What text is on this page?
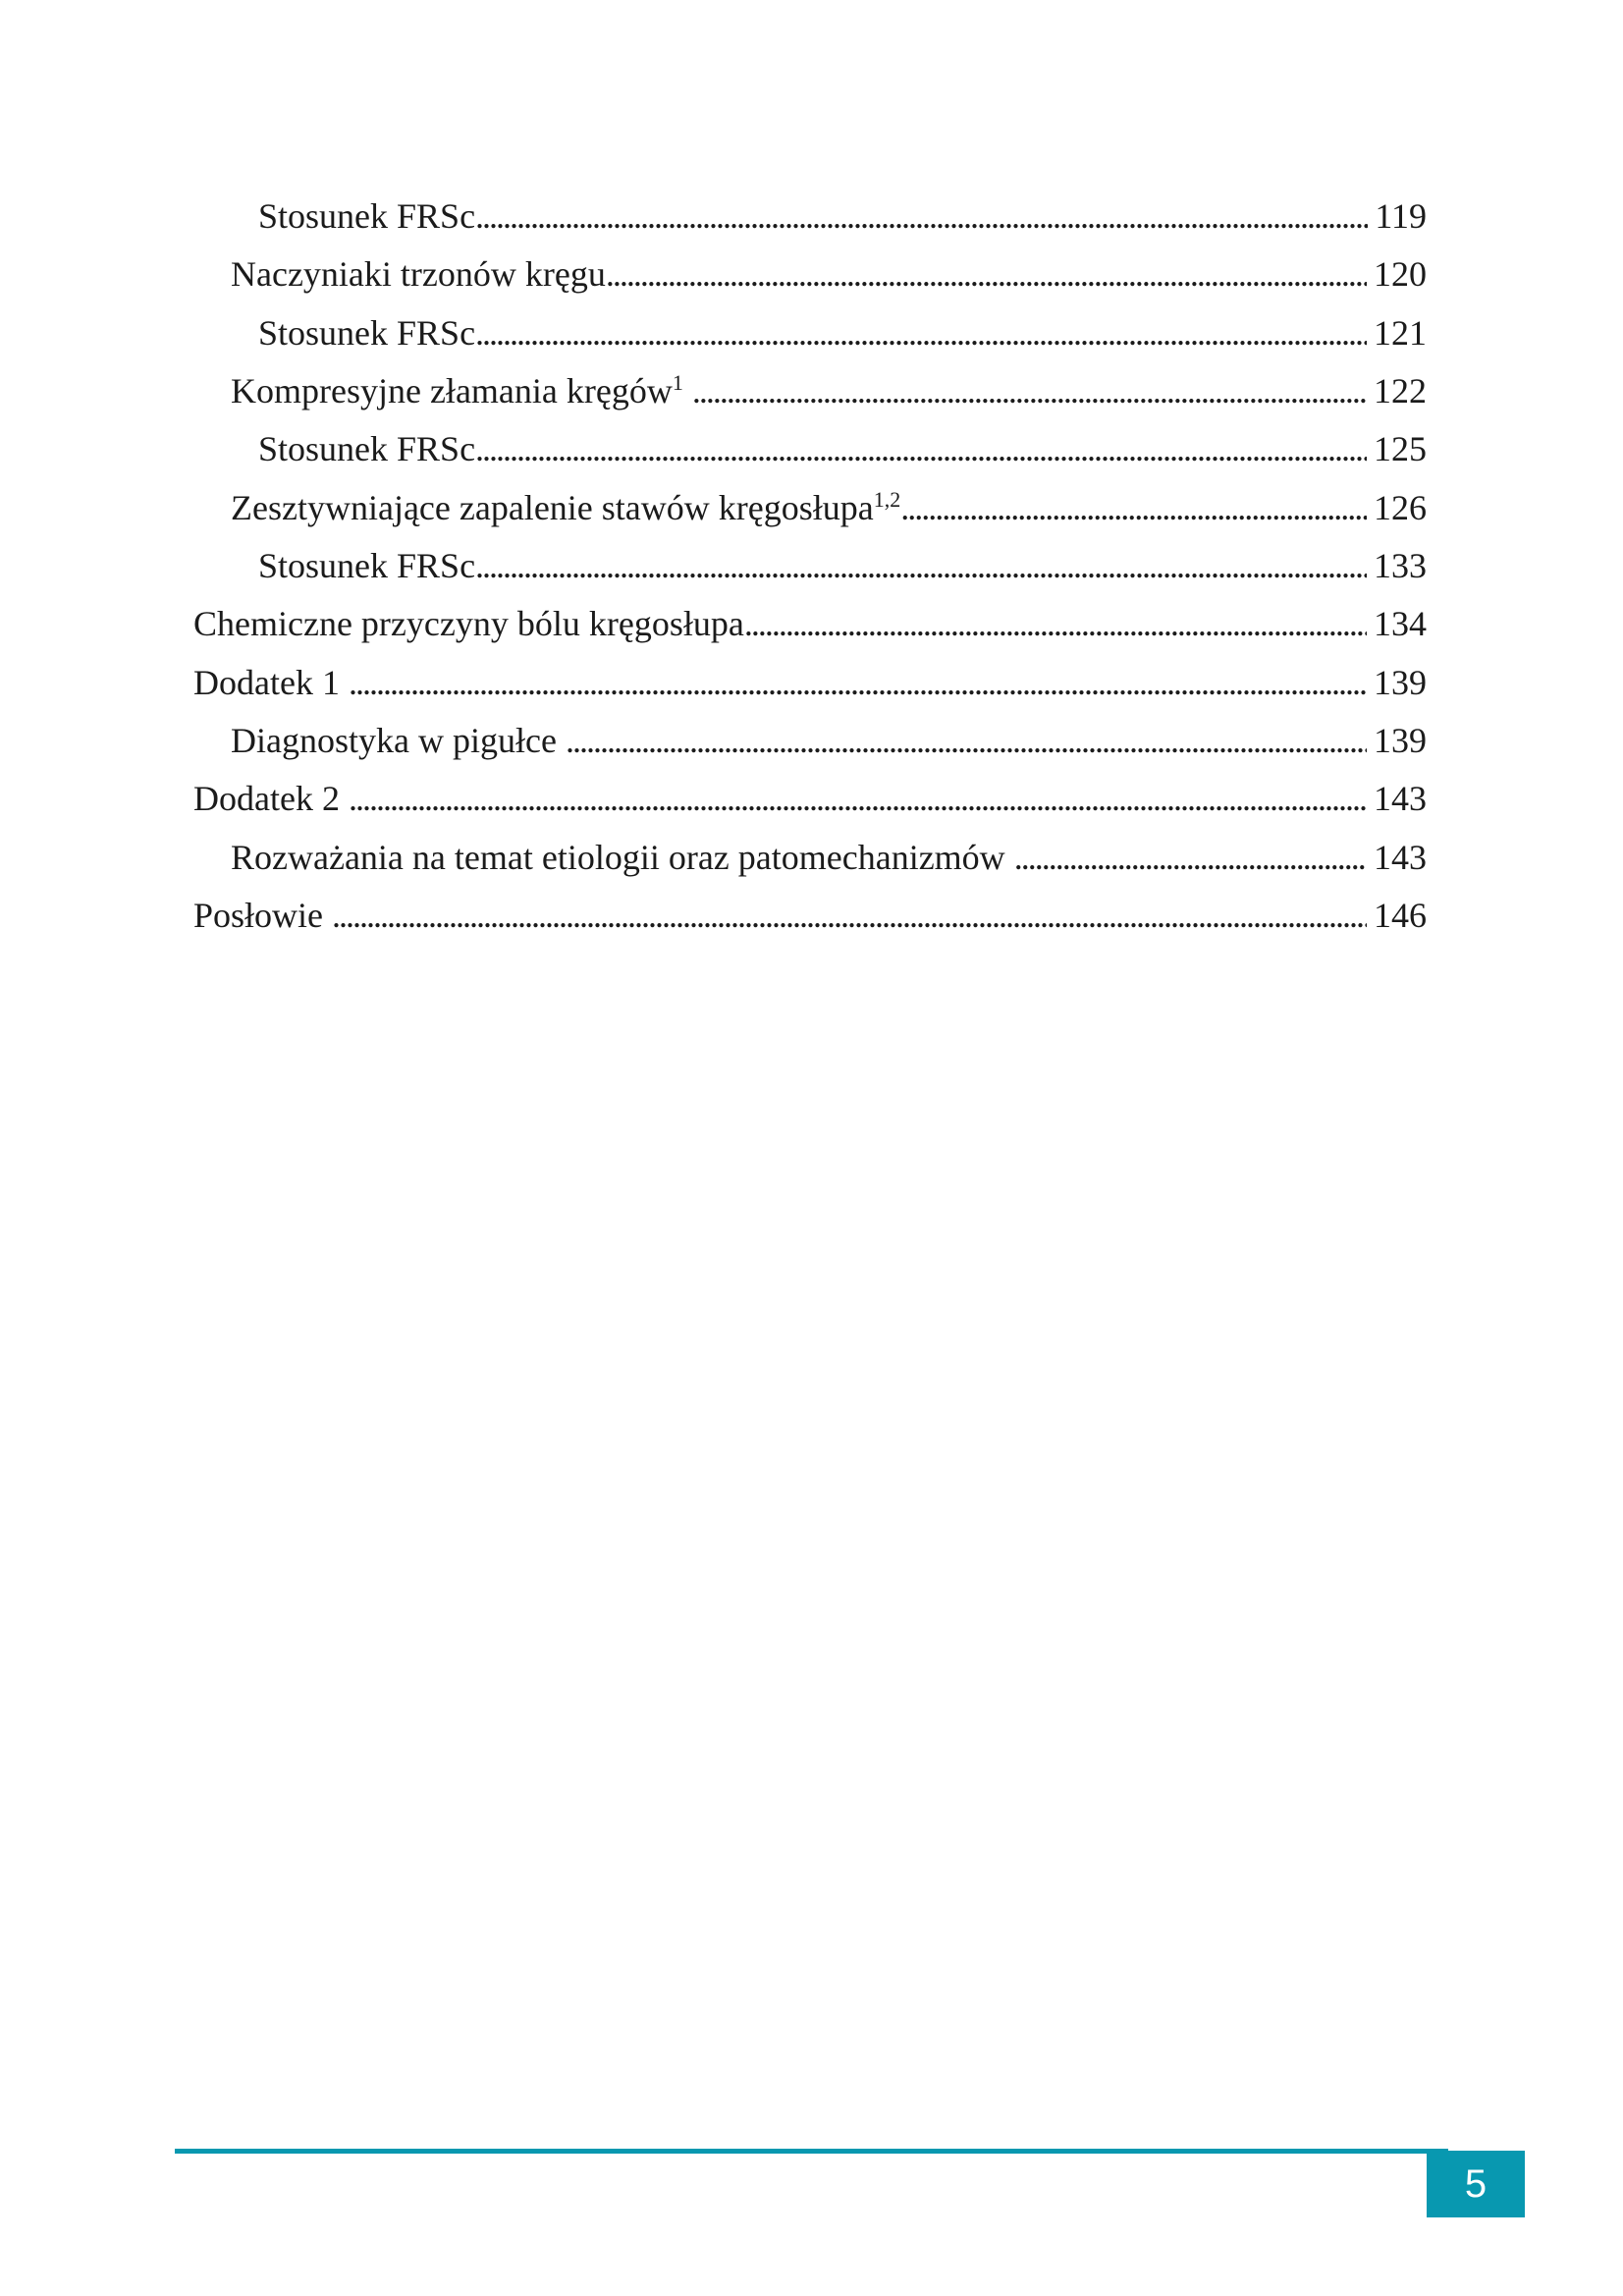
Stosunek FRSc .....	119
Naczyniaki trzonów kręgu .....	120
Stosunek FRSc .....	121
Kompresyjne złamania kręgów$^1$ .....	122
Stosunek FRSc .....	125
Zesztywniające zapalenie stawów kręgosłupa$^{1,2}$ .....	126
Stosunek FRSc .....	133
Chemiczne przyczyny bólu kręgosłupa .....	134
Dodatek 1 .....	139
Diagnostyka w pigułce .....	139
Dodatek 2 .....	143
Rozważania na temat etiologii oraz patomechanizmów .....	143
Posłowie .....	146
5
